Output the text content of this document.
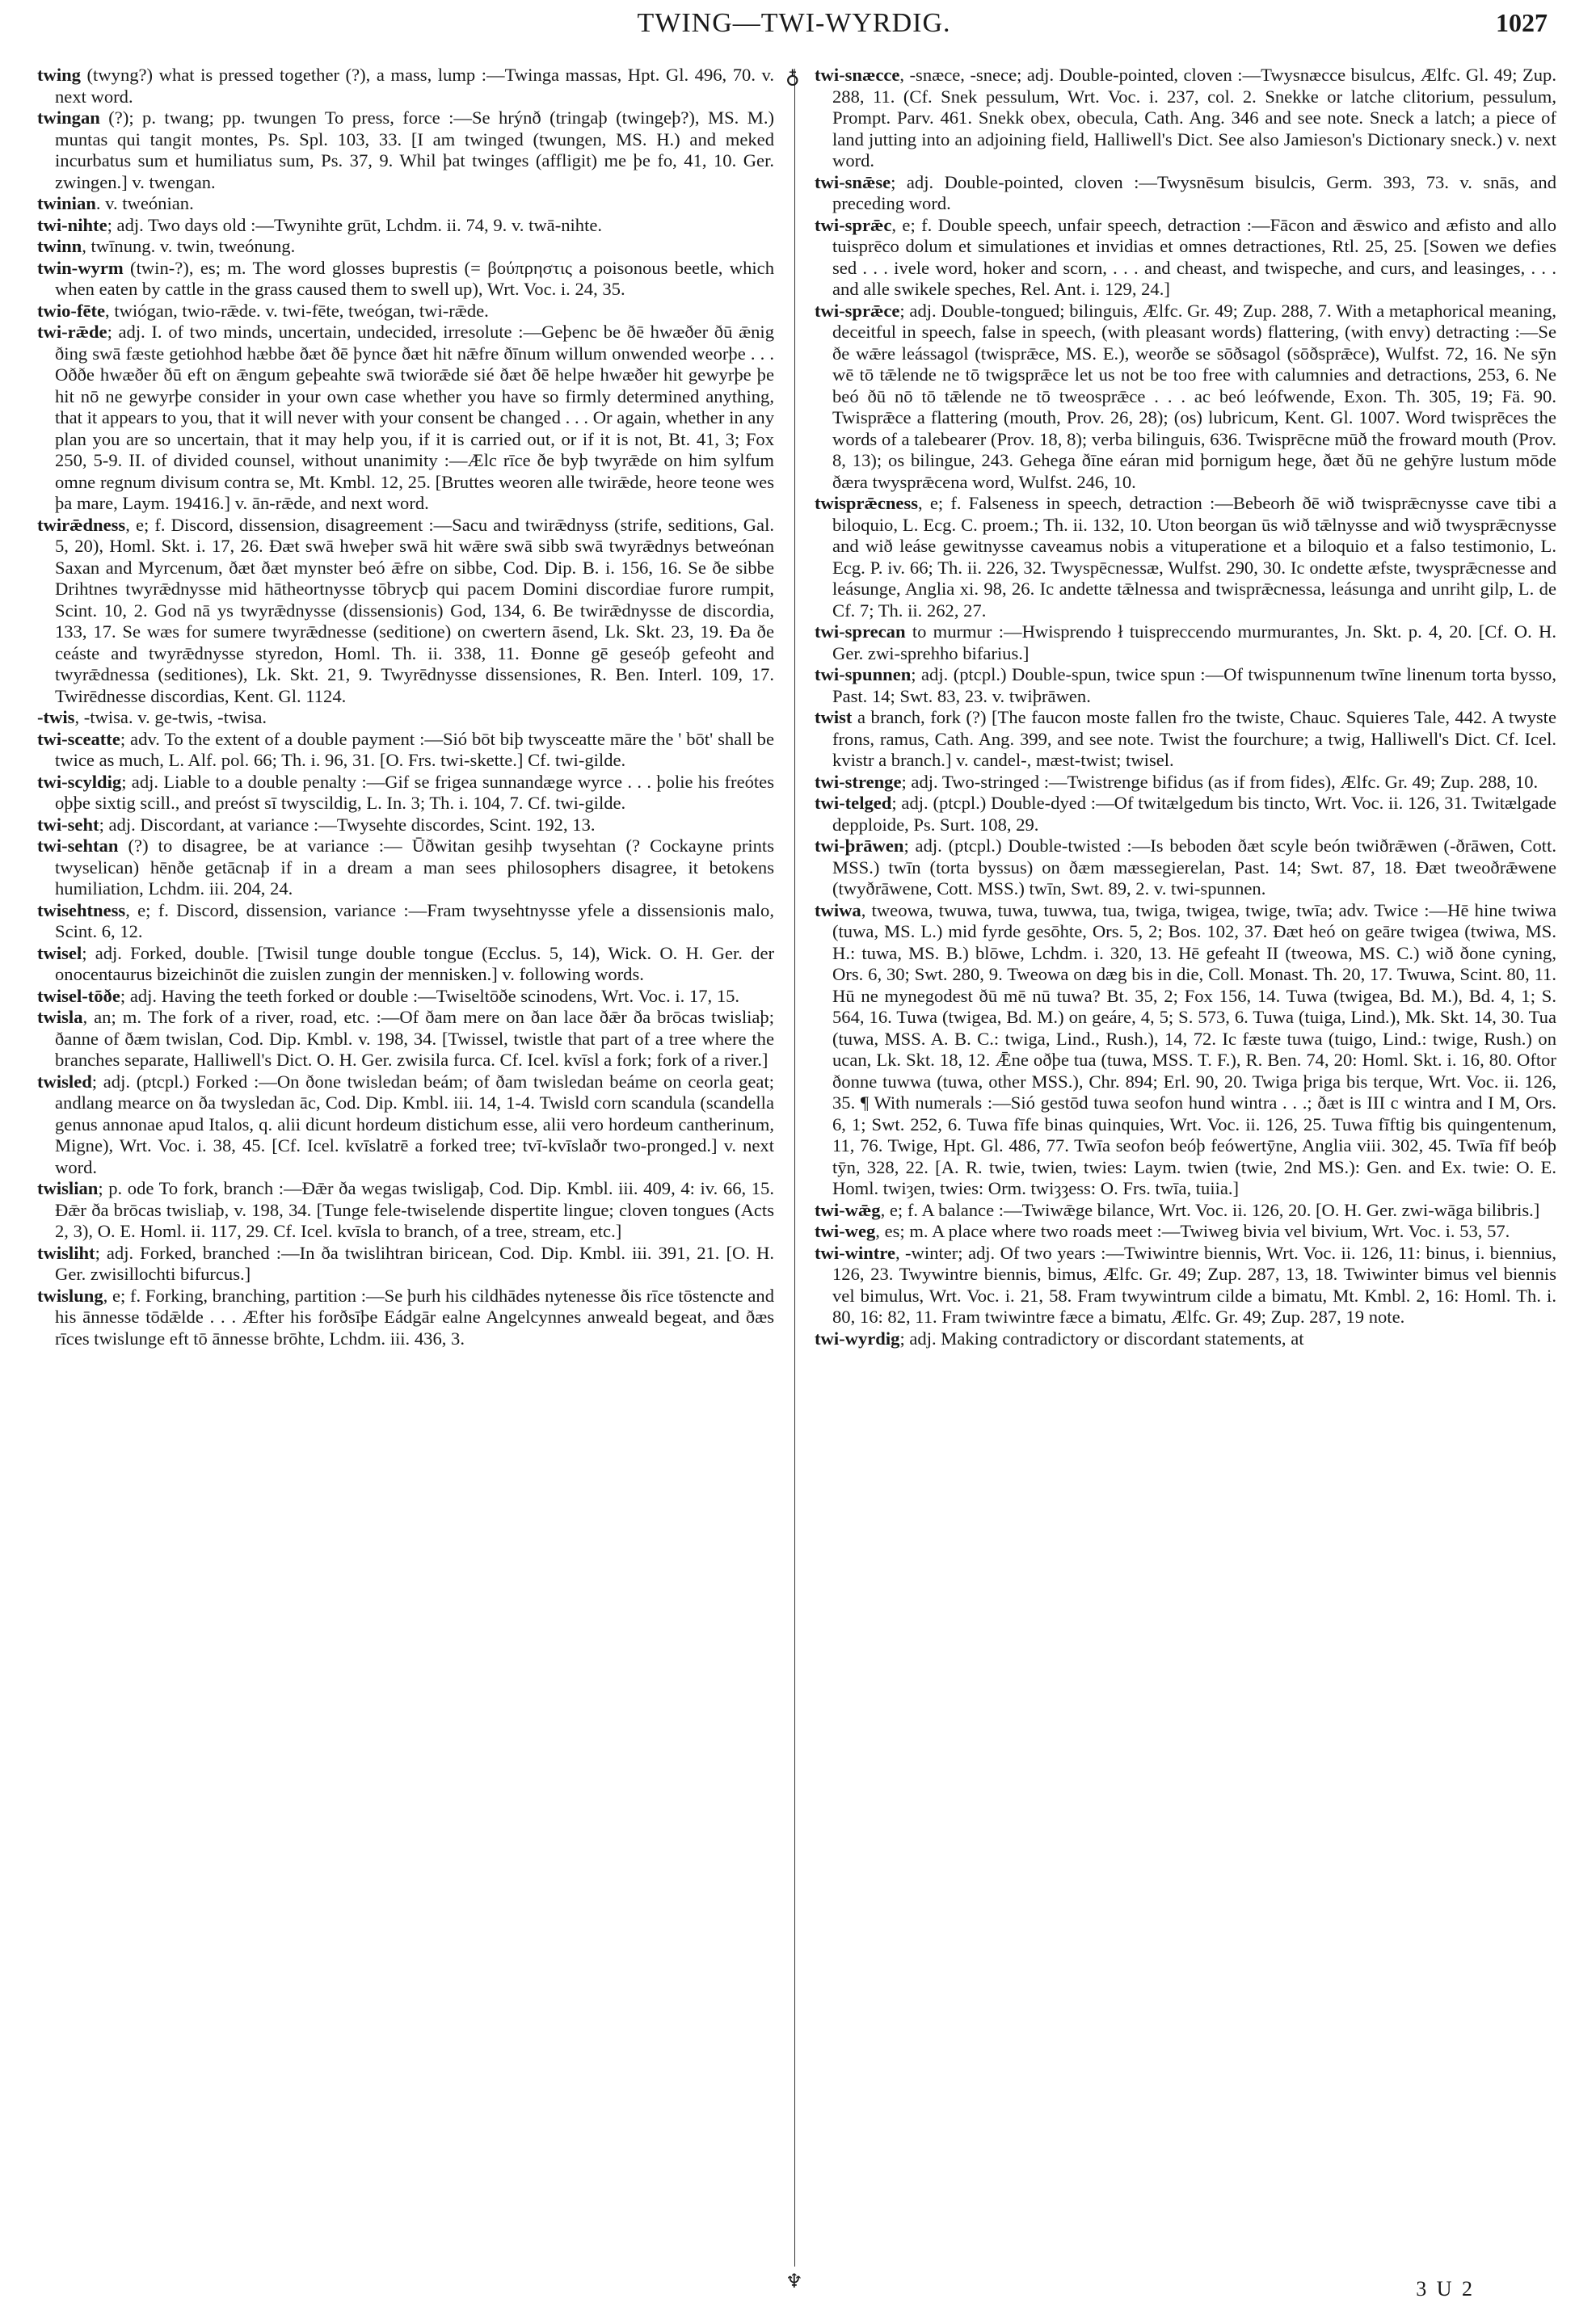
TWING—TWI-WYRDIG.	1027
♁
♆

twing (twyng?) what is pressed together (?), a mass, lump :—Twinga massas, Hpt. Gl. 496, 70. v. next word.

twingan (?); p. twang; pp. twungen To press, force :—Se hrýnð (tringaþ (twingeþ?), MS. M.) muntas qui tangit montes, Ps. Spl. 103, 33. [I am twinged (twungen, MS. H.) and meked incurbatus sum et humiliatus sum, Ps. 37, 9. Whil þat twinges (affligit) me þe fo, 41, 10. Ger. zwingen.] v. twengan.

twinian. v. tweónian.

twi-nihte; adj. Two days old :—Twynihte grūt, Lchdm. ii. 74, 9. v. twā-nihte.

twinn, twīnung. v. twin, tweónung.

twin-wyrm (twin-?), es; m. The word glosses buprestis (= βούπρηστις a poisonous beetle, which when eaten by cattle in the grass caused them to swell up), Wrt. Voc. i. 24, 35.

twio-fēte, twiógan, twio-rǣde. v. twi-fēte, tweógan, twi-rǣde.

twi-rǣde; adj. I. of two minds, uncertain, undecided, irresolute :—Geþenc be ðē hwæðer ðū ǣnig ðing swā fæste getiohhod hæbbe ðæt ðē þynce ðæt hit nǣfre ðīnum willum onwended weorþe . . . Oððe hwæðer ðū eft on ǣngum geþeahte swā twiorǣde sié ðæt ðē helpe hwæðer hit gewyrþe þe hit nō ne gewyrþe consider in your own case whether you have so firmly determined anything, that it appears to you, that it will never with your consent be changed . . . Or again, whether in any plan you are so uncertain, that it may help you, if it is carried out, or if it is not, Bt. 41, 3; Fox 250, 5-9. II. of divided counsel, without unanimity :—Ælc rīce ðe byþ twyrǣde on him sylfum omne regnum divisum contra se, Mt. Kmbl. 12, 25. [Bruttes weoren alle twirǣde, heore teone wes þa mare, Laym. 19416.] v. ān-rǣde, and next word.

twirǣdness, e; f. Discord, dissension, disagreement :—Sacu and twirǣdnyss (strife, seditions, Gal. 5, 20), Homl. Skt. i. 17, 26. Ðæt swā hweþer swā hit wǣre swā sibb swā twyrǣdnys betweónan Saxan and Myrcenum, ðæt ðæt mynster beó ǣfre on sibbe, Cod. Dip. B. i. 156, 16. Se ðe sibbe Drihtnes twyrǣdnysse mid hātheortnysse tōbrycþ qui pacem Domini discordiae furore rumpit, Scint. 10, 2. God nā ys twyrǣdnysse (dissensionis) God, 134, 6. Be twirǣdnysse de discordia, 133, 17. Se wæs for sumere twyrǣdnesse (seditione) on cwertern āsend, Lk. Skt. 23, 19. Ða ðe ceáste and twyrǣdnysse styredon, Homl. Th. ii. 338, 11. Ðonne gē geseóþ gefeoht and twyrǣdnessa (seditiones), Lk. Skt. 21, 9. Twyrēdnysse dissensiones, R. Ben. Interl. 109, 17. Twirēdnesse discordias, Kent. Gl. 1124.

-twis, -twisa. v. ge-twis, -twisa.

twi-sceatte; adv. To the extent of a double payment :—Sió bōt biþ twysceatte māre the ' bōt' shall be twice as much, L. Alf. pol. 66; Th. i. 96, 31. [O. Frs. twi-skette.] Cf. twi-gilde.

twi-scyldig; adj. Liable to a double penalty :—Gif se frigea sunnandæge wyrce . . . þolie his freótes oþþe sixtig scill., and preóst sī twyscildig, L. In. 3; Th. i. 104, 7. Cf. twi-gilde.

twi-seht; adj. Discordant, at variance :—Twysehte discordes, Scint. 192, 13.

twi-sehtan (?) to disagree, be at variance :— Ūðwitan gesihþ twysehtan (? Cockayne prints twyselican) hēnðe getācnaþ if in a dream a man sees philosophers disagree, it betokens humiliation, Lchdm. iii. 204, 24.

twisehtness, e; f. Discord, dissension, variance :—Fram twysehtnysse yfele a dissensionis malo, Scint. 6, 12.

twisel; adj. Forked, double. [Twisil tunge double tongue (Ecclus. 5, 14), Wick. O. H. Ger. der onocentaurus bizeichinōt die zuislen zungin der mennisken.] v. following words.

twisel-tōðe; adj. Having the teeth forked or double :—Twiseltōðe scinodens, Wrt. Voc. i. 17, 15.

twisla, an; m. The fork of a river, road, etc. :—Of ðam mere on ðan lace ðǣr ða brōcas twisliaþ; ðanne of ðæm twislan, Cod. Dip. Kmbl. v. 198, 34. [Twissel, twistle that part of a tree where the branches separate, Halliwell's Dict. O. H. Ger. zwisila furca. Cf. Icel. kvīsl a fork; fork of a river.]

twisled; adj. (ptcpl.) Forked :—On ðone twisledan beám; of ðam twisledan beáme on ceorla geat; andlang mearce on ða twysledan āc, Cod. Dip. Kmbl. iii. 14, 1-4. Twisld corn scandula (scandella genus annonae apud Italos, q. alii dicunt hordeum distichum esse, alii vero hordeum cantherinum, Migne), Wrt. Voc. i. 38, 45. [Cf. Icel. kvīslatrē a forked tree; tvī-kvīslaðr two-pronged.] v. next word.

twislian; p. ode To fork, branch :—Ðǣr ða wegas twisligaþ, Cod. Dip. Kmbl. iii. 409, 4: iv. 66, 15. Ðǣr ða brōcas twisliaþ, v. 198, 34. [Tunge fele-twiselende dispertite lingue; cloven tongues (Acts 2, 3), O. E. Homl. ii. 117, 29. Cf. Icel. kvīsla to branch, of a tree, stream, etc.]

twisliht; adj. Forked, branched :—In ða twislihtran biricean, Cod. Dip. Kmbl. iii. 391, 21. [O. H. Ger. zwisillochti bifurcus.]

twislung, e; f. Forking, branching, partition :—Se þurh his cildhādes nytenesse ðis rīce tōstencte and his ānnesse tōdǣlde . . . Æfter his forðsīþe Eádgār ealne Angelcynnes anweald begeat, and ðæs rīces twislunge eft tō ānnesse brōhte, Lchdm. iii. 436, 3.

twi-snæcce, -snæce, -snece; adj. Double-pointed, cloven :—Twysnæcce bisulcus, Ælfc. Gl. 49; Zup. 288, 11. (Cf. Snek pessulum, Wrt. Voc. i. 237, col. 2. Snekke or latche clitorium, pessulum, Prompt. Parv. 461. Snekk obex, obecula, Cath. Ang. 346 and see note. Sneck a latch; a piece of land jutting into an adjoining field, Halliwell's Dict. See also Jamieson's Dictionary sneck.) v. next word.

twi-snǣse; adj. Double-pointed, cloven :—Twysnēsum bisulcis, Germ. 393, 73. v. snās, and preceding word.

twi-sprǣc, e; f. Double speech, unfair speech, detraction :—Fācon and ǣswico and æfisto and allo tuisprēco dolum et simulationes et invidias et omnes detractiones, Rtl. 25, 25. [Sowen we defies sed . . . ivele word, hoker and scorn, . . . and cheast, and twispeche, and curs, and leasinges, . . . and alle swikele speches, Rel. Ant. i. 129, 24.]

twi-sprǣce; adj. Double-tongued; bilinguis, Ælfc. Gr. 49; Zup. 288, 7. With a metaphorical meaning, deceitful in speech, false in speech, (with pleasant words) flattering, (with envy) detracting :—Se ðe wǣre leássagol (twisprǣce, MS. E.), weorðe se sōðsagol (sōðsprǣce), Wulfst. 72, 16. Ne sȳn wē tō tǣlende ne tō twigsprǣce let us not be too free with calumnies and detractions, 253, 6. Ne beó ðū nō tō tǣlende ne tō tweosprǣce . . . ac beó leófwende, Exon. Th. 305, 19; Fä. 90. Twisprǣce a flattering (mouth, Prov. 26, 28); (os) lubricum, Kent. Gl. 1007. Word twisprēces the words of a talebearer (Prov. 18, 8); verba bilinguis, 636. Twisprēcne mūð the froward mouth (Prov. 8, 13); os bilingue, 243. Gehega ðīne eáran mid þornigum hege, ðæt ðū ne gehȳre lustum mōde ðæra twysprǣcena word, Wulfst. 246, 10.

twisprǣcness, e; f. Falseness in speech, detraction :—Bebeorh ðē wið twisprǣcnysse cave tibi a biloquio, L. Ecg. C. proem.; Th. ii. 132, 10. Uton beorgan ūs wið tǣlnysse and wið twysprǣcnysse and wið leáse gewitnysse caveamus nobis a vituperatione et a biloquio et a falso testimonio, L. Ecg. P. iv. 66; Th. ii. 226, 32. Twyspēcnessæ, Wulfst. 290, 30. Ic ondette æfste, twysprǣcnesse and leásunge, Anglia xi. 98, 26. Ic andette tǣlnessa and twisprǣcnessa, leásunga and unriht gilp, L. de Cf. 7; Th. ii. 262, 27.

twi-sprecan to murmur :—Hwisprendo ł tuispreccendo murmurantes, Jn. Skt. p. 4, 20. [Cf. O. H. Ger. zwi-sprehho bifarius.]

twi-spunnen; adj. (ptcpl.) Double-spun, twice spun :—Of twispunnenum twīne linenum torta bysso, Past. 14; Swt. 83, 23. v. twiþrāwen.

twist a branch, fork (?) [The faucon moste fallen fro the twiste, Chauc. Squieres Tale, 442. A twyste frons, ramus, Cath. Ang. 399, and see note. Twist the fourchure; a twig, Halliwell's Dict. Cf. Icel. kvistr a branch.] v. candel-, mæst-twist; twisel.

twi-strenge; adj. Two-stringed :—Twistrenge bifidus (as if from fides), Ælfc. Gr. 49; Zup. 288, 10.

twi-telged; adj. (ptcpl.) Double-dyed :—Of twitælgedum bis tincto, Wrt. Voc. ii. 126, 31. Twitælgade depploide, Ps. Surt. 108, 29.

twi-þrāwen; adj. (ptcpl.) Double-twisted :—Is beboden ðæt scyle beón twiðrǣwen (-ðrāwen, Cott. MSS.) twīn (torta byssus) on ðæm mæssegierelan, Past. 14; Swt. 87, 18. Ðæt tweoðrǣwene (twyðrāwene, Cott. MSS.) twīn, Swt. 89, 2. v. twi-spunnen.

twiwa, tweowa, twuwa, tuwa, tuwwa, tua, twiga, twigea, twige, twīa; adv. Twice :—Hē hine twiwa (tuwa, MS. L.) mid fyrde gesōhte, Ors. 5, 2; Bos. 102, 37. Ðæt heó on geāre twigea (twiwa, MS. H.: tuwa, MS. B.) blōwe, Lchdm. i. 320, 13. Hē gefeaht II (tweowa, MS. C.) wið ðone cyning, Ors. 6, 30; Swt. 280, 9. Tweowa on dæg bis in die, Coll. Monast. Th. 20, 17. Twuwa, Scint. 80, 11. Hū ne mynegodest ðū mē nū tuwa? Bt. 35, 2; Fox 156, 14. Tuwa (twigea, Bd. M.), Bd. 4, 1; S. 564, 16. Tuwa (twigea, Bd. M.) on geáre, 4, 5; S. 573, 6. Tuwa (tuiga, Lind.), Mk. Skt. 14, 30. Tua (tuwa, MSS. A. B. C.: twiga, Lind., Rush.), 14, 72. Ic fæste tuwa (tuigo, Lind.: twige, Rush.) on ucan, Lk. Skt. 18, 12. Ǣne oðþe tua (tuwa, MSS. T. F.), R. Ben. 74, 20: Homl. Skt. i. 16, 80. Oftor ðonne tuwwa (tuwa, other MSS.), Chr. 894; Erl. 90, 20. Twiga þriga bis terque, Wrt. Voc. ii. 126, 35. ¶ With numerals :—Sió gestōd tuwa seofon hund wintra . . .; ðæt is III c wintra and I M, Ors. 6, 1; Swt. 252, 6. Tuwa fīfe binas quinquies, Wrt. Voc. ii. 126, 25. Tuwa fīftig bis quingentenum, 11, 76. Twige, Hpt. Gl. 486, 77. Twīa seofon beóþ feówertȳne, Anglia viii. 302, 45. Twīa fīf beóþ tȳn, 328, 22. [A. R. twie, twien, twies: Laym. twien (twie, 2nd MS.): Gen. and Ex. twie: O. E. Homl. twiȝen, twies: Orm. twiȝȝess: O. Frs. twīa, tuiia.]

twi-wǣg, e; f. A balance :—Twiwǣge bilance, Wrt. Voc. ii. 126, 20. [O. H. Ger. zwi-wāga bilibris.]

twi-weg, es; m. A place where two roads meet :—Twiweg bivia vel bivium, Wrt. Voc. i. 53, 57.

twi-wintre, -winter; adj. Of two years :—Twiwintre biennis, Wrt. Voc. ii. 126, 11: binus, i. biennius, 126, 23. Twywintre biennis, bimus, Ælfc. Gr. 49; Zup. 287, 13, 18. Twiwinter bimus vel biennis vel bimulus, Wrt. Voc. i. 21, 58. Fram twywintrum cilde a bimatu, Mt. Kmbl. 2, 16: Homl. Th. i. 80, 16: 82, 11. Fram twiwintre fæce a bimatu, Ælfc. Gr. 49; Zup. 287, 19 note.

twi-wyrdig; adj. Making contradictory or discordant statements, at

3 U 2
